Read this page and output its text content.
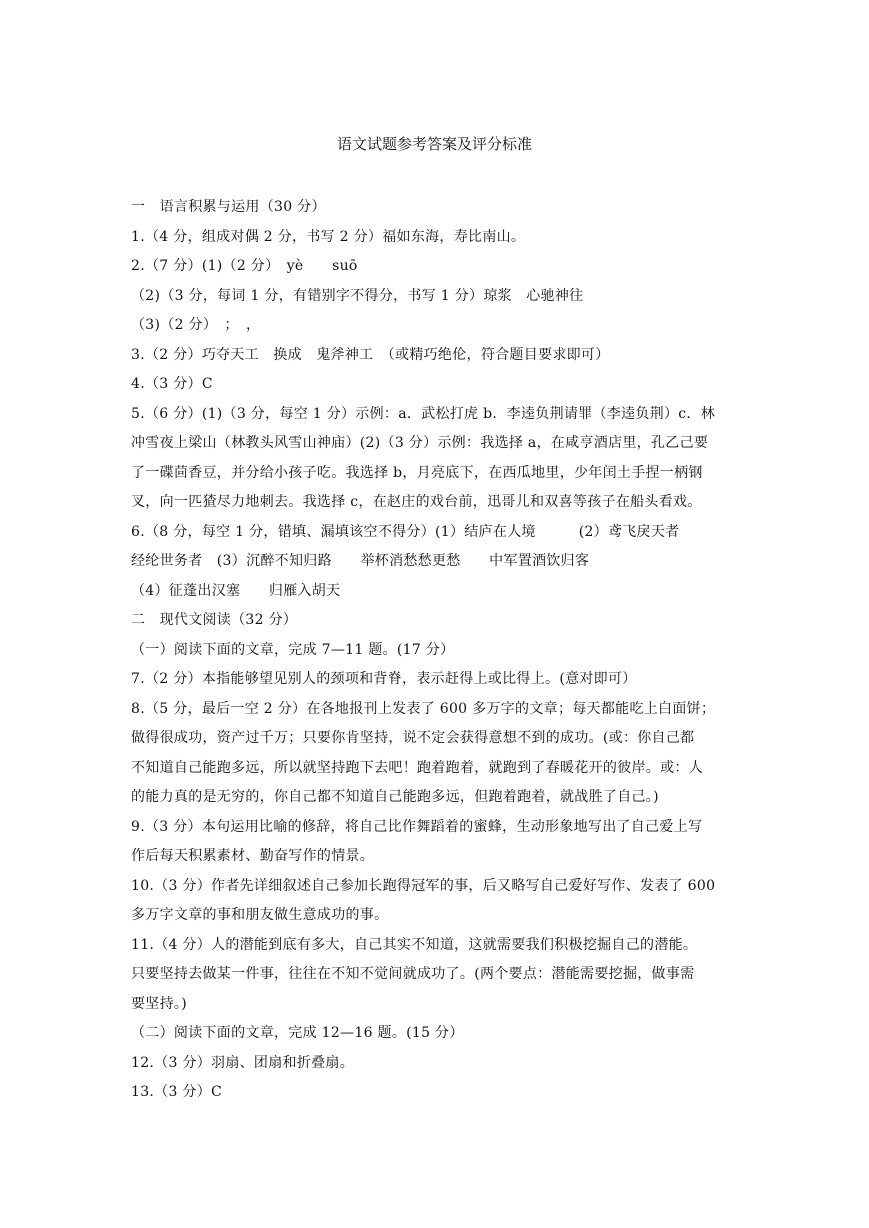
语文试题参考答案及评分标准
一　语言积累与运用（30 分）
1.（4 分，组成对偶 2 分，书写 2 分）福如东海，寿比南山。
2.（7 分）(1)（2 分）　yè　　suō
（2)（3 分，每词 1 分，有错别字不得分，书写 1 分）琼浆　心驰神往
（3)（2 分）　；　，
3.（2 分）巧夺天工　换成　鬼斧神工　（或精巧绝伦，符合题目要求即可）
4.（3 分）C
5.（6 分）(1)（3 分，每空 1 分）示例：a．武松打虎 b．李逵负荆请罪（李逵负荆）c．林
冲雪夜上梁山（林教头风雪山神庙）(2)（3 分）示例：我选择 a，在咸亨酒店里，孔乙己要
了一碟茴香豆，并分给小孩子吃。我选择 b，月亮底下，在西瓜地里，少年闰土手捏一柄钢
叉，向一匹猹尽力地刺去。我选择 c，在赵庄的戏台前，迅哥儿和双喜等孩子在船头看戏。
6.（8 分，每空 1 分，错填、漏填该空不得分）(1）结庐在人境　　　(2）鸢飞戾天者
经纶世务者　(3）沉醉不知归路　　举杯消愁愁更愁　　中军置酒饮归客
（4）征蓬出汉塞　　归雁入胡天
二　现代文阅读（32 分）
（一）阅读下面的文章，完成 7—11 题。(17 分）
7.（2 分）本指能够望见别人的颈项和背脊，表示赶得上或比得上。(意对即可）
8.（5 分，最后一空 2 分）在各地报刊上发表了 600 多万字的文章；每天都能吃上白面饼；
做得很成功，资产过千万；只要你肯坚持，说不定会获得意想不到的成功。(或：你自己都
不知道自己能跑多远，所以就坚持跑下去吧！跑着跑着，就跑到了春暖花开的彼岸。或：人
的能力真的是无穷的，你自己都不知道自己能跑多远，但跑着跑着，就战胜了自己。)
9.（3 分）本句运用比喻的修辞，将自己比作舞蹈着的蜜蜂，生动形象地写出了自己爱上写
作后每天积累素材、勤奋写作的情景。
10.（3 分）作者先详细叙述自己参加长跑得冠军的事，后又略写自己爱好写作、发表了 600
多万字文章的事和朋友做生意成功的事。
11.（4 分）人的潜能到底有多大，自己其实不知道，这就需要我们积极挖掘自己的潜能。
只要坚持去做某一件事，往往在不知不觉间就成功了。(两个要点：潜能需要挖掘，做事需
要坚持。)
（二）阅读下面的文章，完成 12—16 题。(15 分）
12.（3 分）羽扇、团扇和折叠扇。
13.（3 分）C
